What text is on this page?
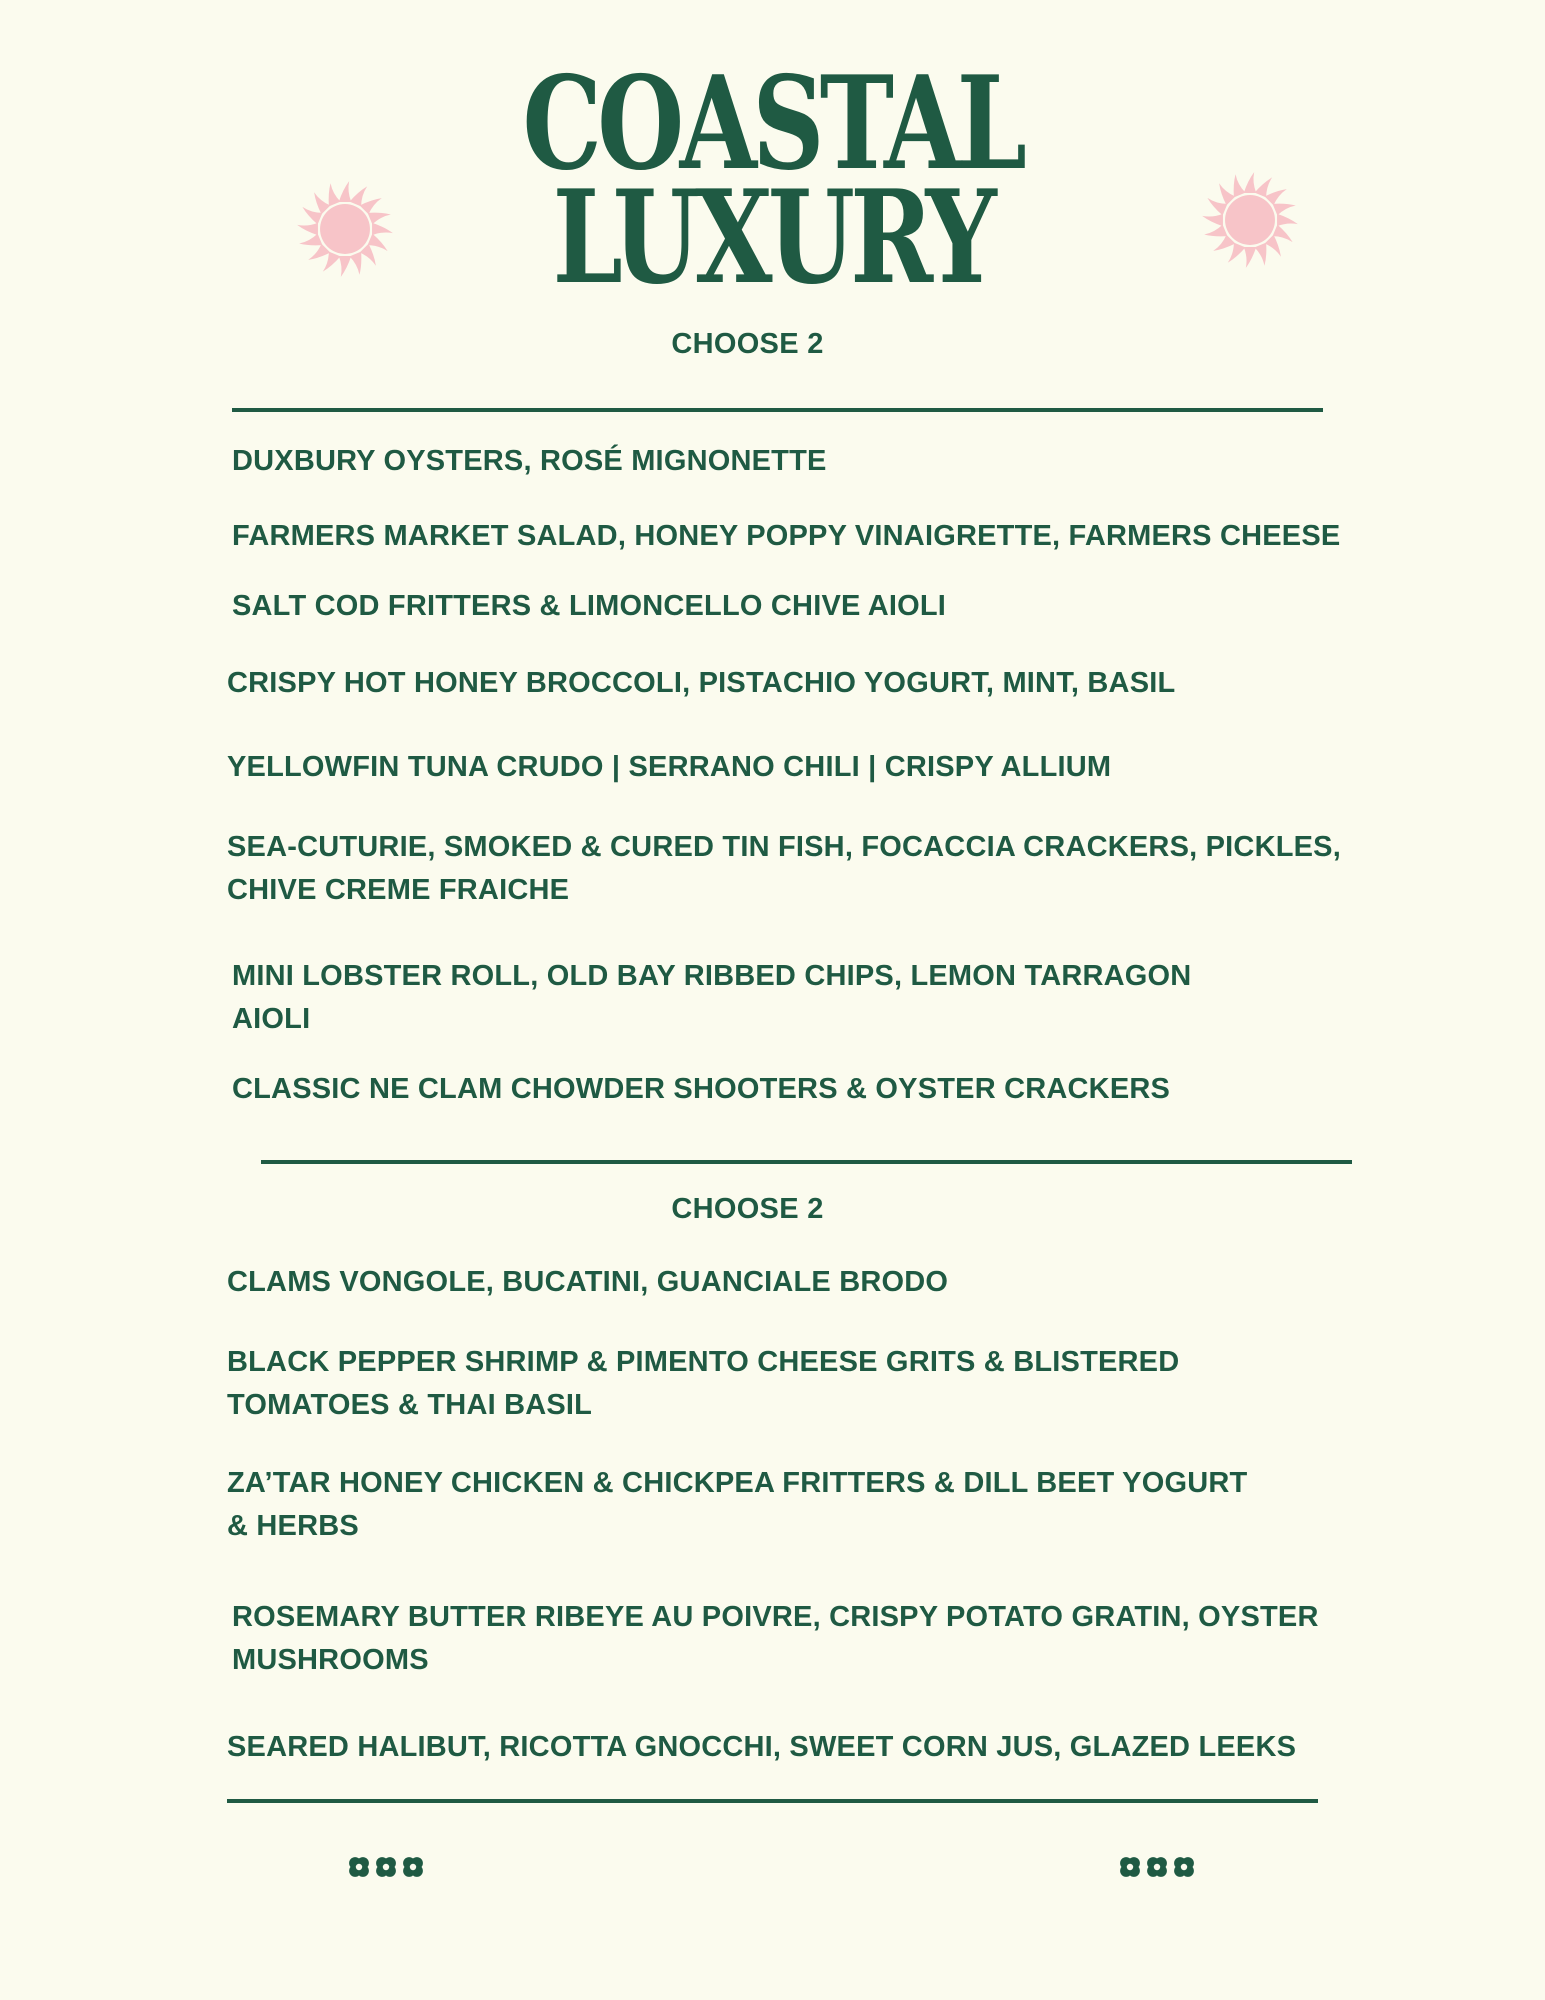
COASTAL
LUXURY
CHOOSE 2
DUXBURY OYSTERS, ROSÉ MIGNONETTE
FARMERS MARKET SALAD, HONEY POPPY VINAIGRETTE, FARMERS CHEESE
SALT COD FRITTERS & LIMONCELLO CHIVE AIOLI
CRISPY HOT HONEY BROCCOLI, PISTACHIO YOGURT, MINT, BASIL
YELLOWFIN TUNA CRUDO | SERRANO CHILI | CRISPY ALLIUM
SEA-CUTURIE, SMOKED & CURED TIN FISH, FOCACCIA CRACKERS, PICKLES,
CHIVE CREME FRAICHE
MINI LOBSTER ROLL, OLD BAY RIBBED CHIPS, LEMON TARRAGON
AIOLI
CLASSIC NE CLAM CHOWDER SHOOTERS & OYSTER CRACKERS
CHOOSE 2
CLAMS VONGOLE, BUCATINI, GUANCIALE BRODO
BLACK PEPPER SHRIMP & PIMENTO CHEESE GRITS & BLISTERED
TOMATOES & THAI BASIL
ZA’TAR HONEY CHICKEN & CHICKPEA FRITTERS & DILL BEET YOGURT
& HERBS
ROSEMARY BUTTER RIBEYE AU POIVRE, CRISPY POTATO GRATIN, OYSTER
MUSHROOMS
SEARED HALIBUT, RICOTTA GNOCCHI, SWEET CORN JUS, GLAZED LEEKS
